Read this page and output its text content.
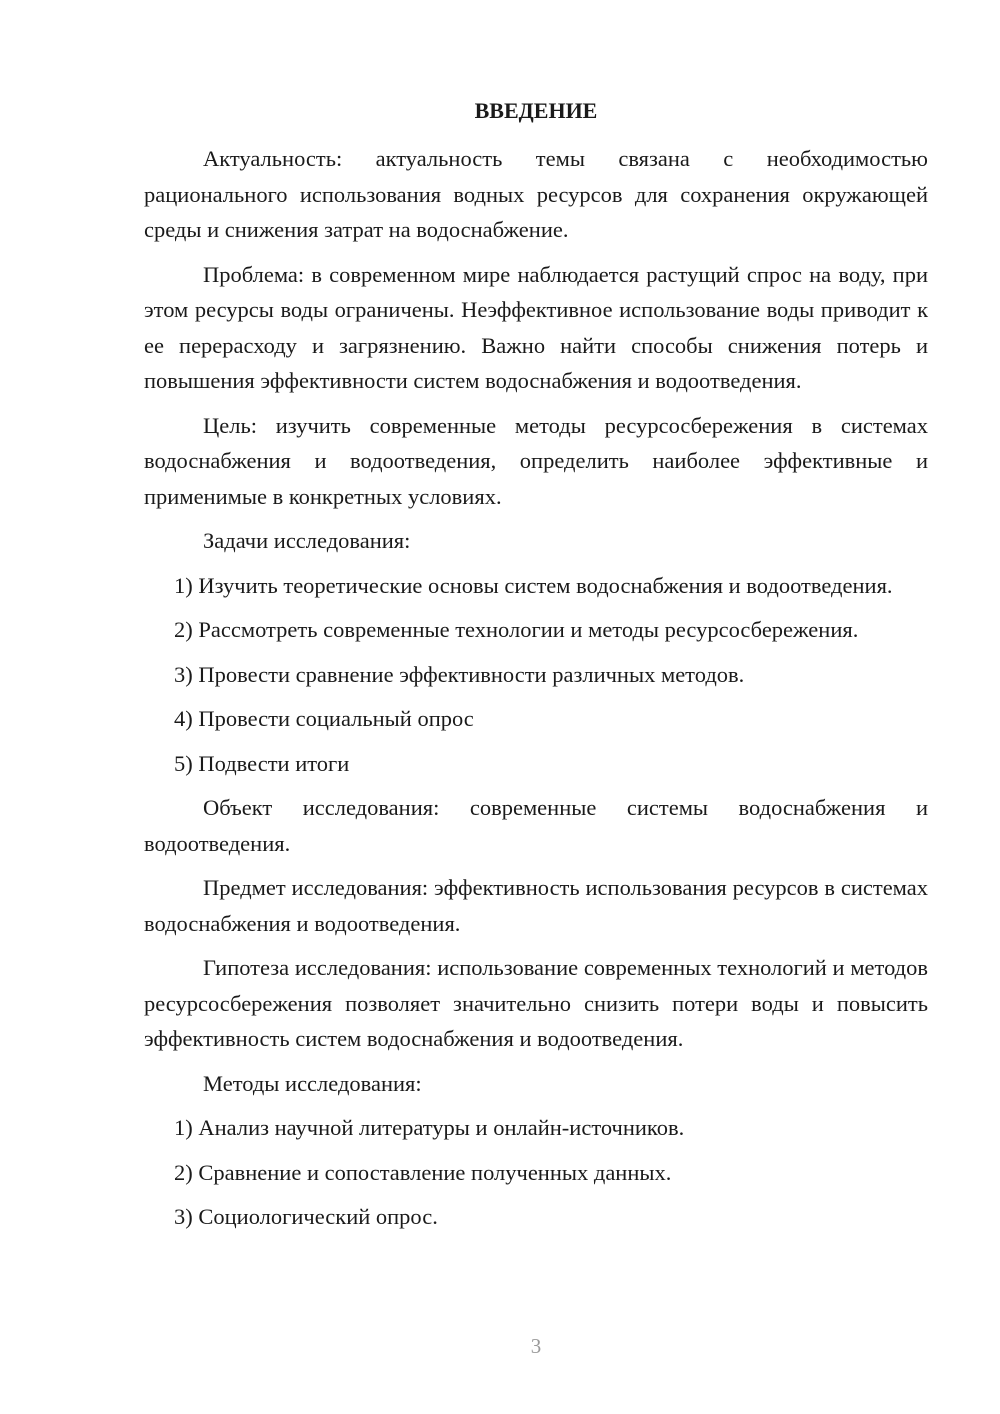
ВВЕДЕНИЕ

Актуальность: актуальность темы связана с необходимостью рационального использования водных ресурсов для сохранения окружающей среды и снижения затрат на водоснабжение.

Проблема: в современном мире наблюдается растущий спрос на воду, при этом ресурсы воды ограничены. Неэффективное использование воды приводит к ее перерасходу и загрязнению. Важно найти способы снижения потерь и повышения эффективности систем водоснабжения и водоотведения.

Цель: изучить современные методы ресурсосбережения в системах водоснабжения и водоотведения, определить наиболее эффективные и применимые в конкретных условиях.

Задачи исследования:

1) Изучить теоретические основы систем водоснабжения и водоотведения.

2) Рассмотреть современные технологии и методы ресурсосбережения.

3) Провести сравнение эффективности различных методов.

4) Провести социальный опрос

5) Подвести итоги

Объект исследования: современные системы водоснабжения и водоотведения.

Предмет исследования: эффективность использования ресурсов в системах водоснабжения и водоотведения.

Гипотеза исследования: использование современных технологий и методов ресурсосбережения позволяет значительно снизить потери воды и повысить эффективность систем водоснабжения и водоотведения.

Методы исследования:

1) Анализ научной литературы и онлайн-источников.

2) Сравнение и сопоставление полученных данных.

3) Социологический опрос.

3
